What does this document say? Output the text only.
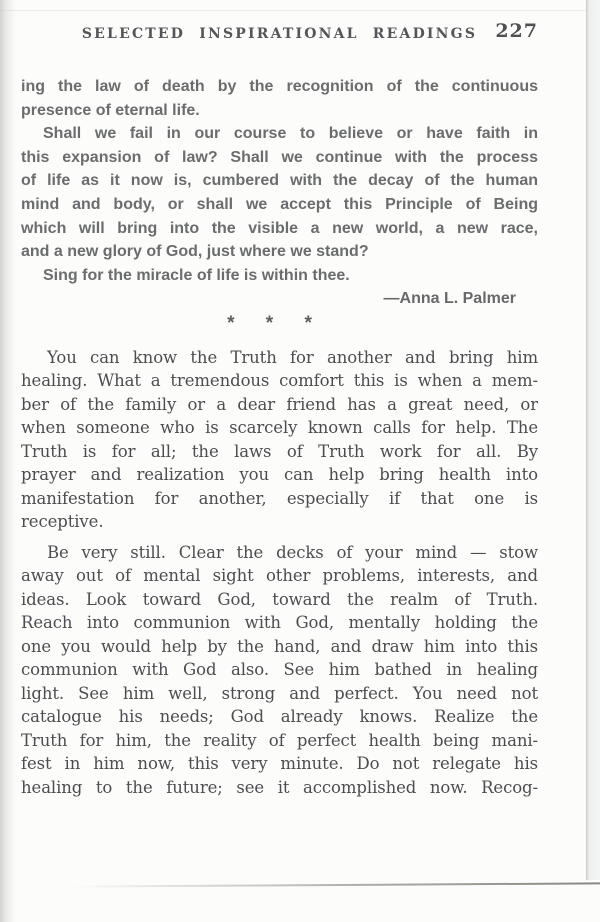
SELECTED INSPIRATIONAL READINGS 227
ing the law of death by the recognition of the continuous
presence of eternal life.
Shall we fail in our course to believe or have faith in
this expansion of law? Shall we continue with the process
of life as it now is, cumbered with the decay of the human
mind and body, or shall we accept this Principle of Being
which will bring into the visible a new world, a new race,
and a new glory of God, just where we stand?
Sing for the miracle of life is within thee.
—Anna L. Palmer
* * *
You can know the Truth for another and bring him
healing. What a tremendous comfort this is when a mem-
ber of the family or a dear friend has a great need, or
when someone who is scarcely known calls for help. The
Truth is for all; the laws of Truth work for all. By
prayer and realization you can help bring health into
manifestation for another, especially if that one is
receptive.
Be very still. Clear the decks of your mind — stow
away out of mental sight other problems, interests, and
ideas. Look toward God, toward the realm of Truth.
Reach into communion with God, mentally holding the
one you would help by the hand, and draw him into this
communion with God also. See him bathed in healing
light. See him well, strong and perfect. You need not
catalogue his needs; God already knows. Realize the
Truth for him, the reality of perfect health being mani-
fest in him now, this very minute. Do not relegate his
healing to the future; see it accomplished now. Recog-
